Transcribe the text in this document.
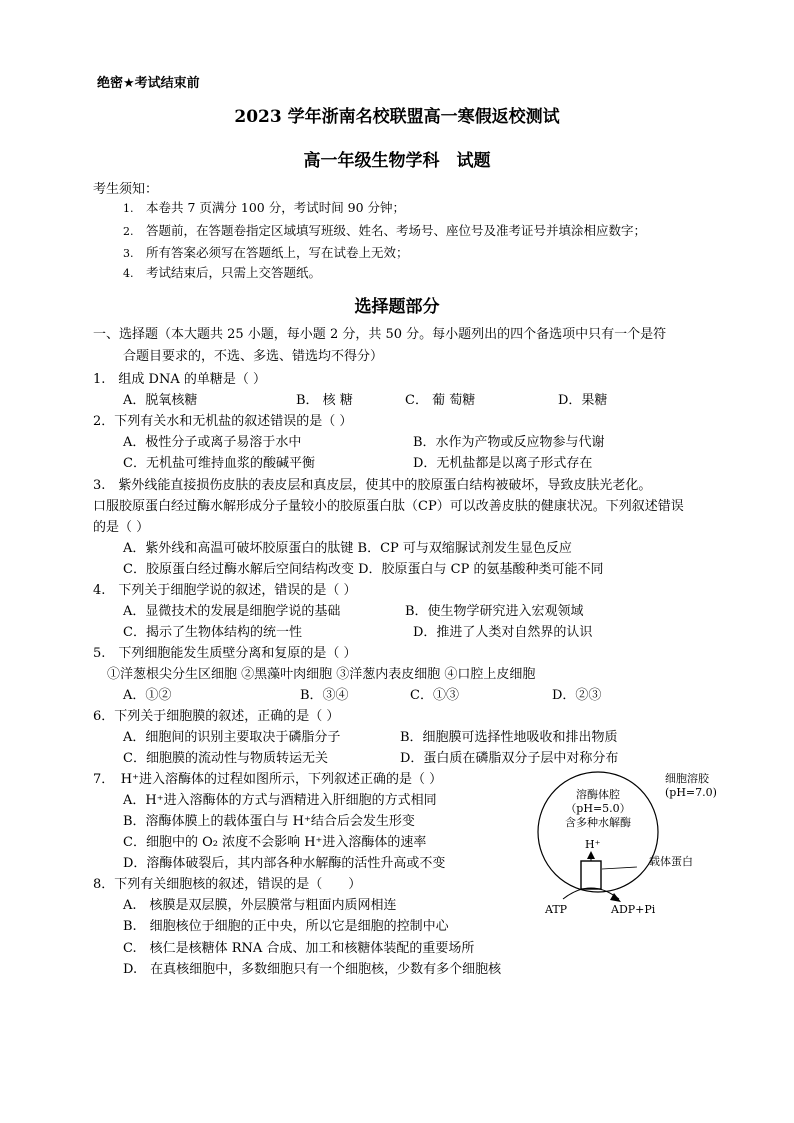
绝密★考试结束前
2023 学年浙南名校联盟高一寒假返校测试
高一年级生物学科　试题
考生须知：
1. 本卷共 7 页满分 100 分，考试时间 90 分钟；
2. 答题前，在答题卷指定区域填写班级、姓名、考场号、座位号及准考证号并填涂相应数字；
3. 所有答案必须写在答题纸上，写在试卷上无效；
4. 考试结束后，只需上交答题纸。
选择题部分
一、选择题（本大题共 25 小题，每小题 2 分，共 50 分。每小题列出的四个备选项中只有一个是符
合题目要求的，不选、多选、错选均不得分）
1.　组成 DNA 的单糖是（ ）
A．脱氧核糖	B． 核 糖	C． 葡 萄糖	D．果糖
2．下列有关水和无机盐的叙述错误的是（ ）
A．极性分子或离子易溶于水中	B．水作为产物或反应物参与代谢
C．无机盐可维持血浆的酸碱平衡	D．无机盐都是以离子形式存在
3.　紫外线能直接损伤皮肤的表皮层和真皮层，使其中的胶原蛋白结构被破坏，导致皮肤光老化。
口服胶原蛋白经过酶水解形成分子量较小的胶原蛋白肽（CP）可以改善皮肤的健康状况。下列叙述错误
的是（ ）
A．紫外线和高温可破坏胶原蛋白的肽键 B．CP 可与双缩脲试剂发生显色反应
C．胶原蛋白经过酶水解后空间结构改变 D．胶原蛋白与 CP 的氨基酸种类可能不同
4.　下列关于细胞学说的叙述，错误的是（ ）
A．显微技术的发展是细胞学说的基础	B．使生物学研究进入宏观领域
C．揭示了生物体结构的统一性	D．推进了人类对自然界的认识
5.　下列细胞能发生质壁分离和复原的是（ ）
①洋葱根尖分生区细胞 ②黑藻叶肉细胞 ③洋葱内表皮细胞 ④口腔上皮细胞
A．①②	B．③④	C．①③	D．②③
6．下列关于细胞膜的叙述，正确的是（ ）
A．细胞间的识别主要取决于磷脂分子	B．细胞膜可选择性地吸收和排出物质
C．细胞膜的流动性与物质转运无关	D．蛋白质在磷脂双分子层中对称分布
7．　H⁺进入溶酶体的过程如图所示，下列叙述正确的是（ ）
A．H⁺进入溶酶体的方式与酒精进入肝细胞的方式相同
B．溶酶体膜上的载体蛋白与 H⁺结合后会发生形变
C．细胞中的 O₂ 浓度不会影响 H⁺进入溶酶体的速率
D．溶酶体破裂后，其内部各种水解酶的活性升高或不变
8．下列有关细胞核的叙述，错误的是（　　）
A.　核膜是双层膜，外层膜常与粗面内质网相连
B.　细胞核位于细胞的正中央，所以它是细胞的控制中心
C.　核仁是核糖体 RNA 合成、加工和核糖体装配的重要场所
D.　在真核细胞中，多数细胞只有一个细胞核，少数有多个细胞核
细胞溶胶
(pH=7.0)
溶酶体腔
（pH=5.0）
含多种水解酶
H⁺
载体蛋白
ATP	ADP+Pi
